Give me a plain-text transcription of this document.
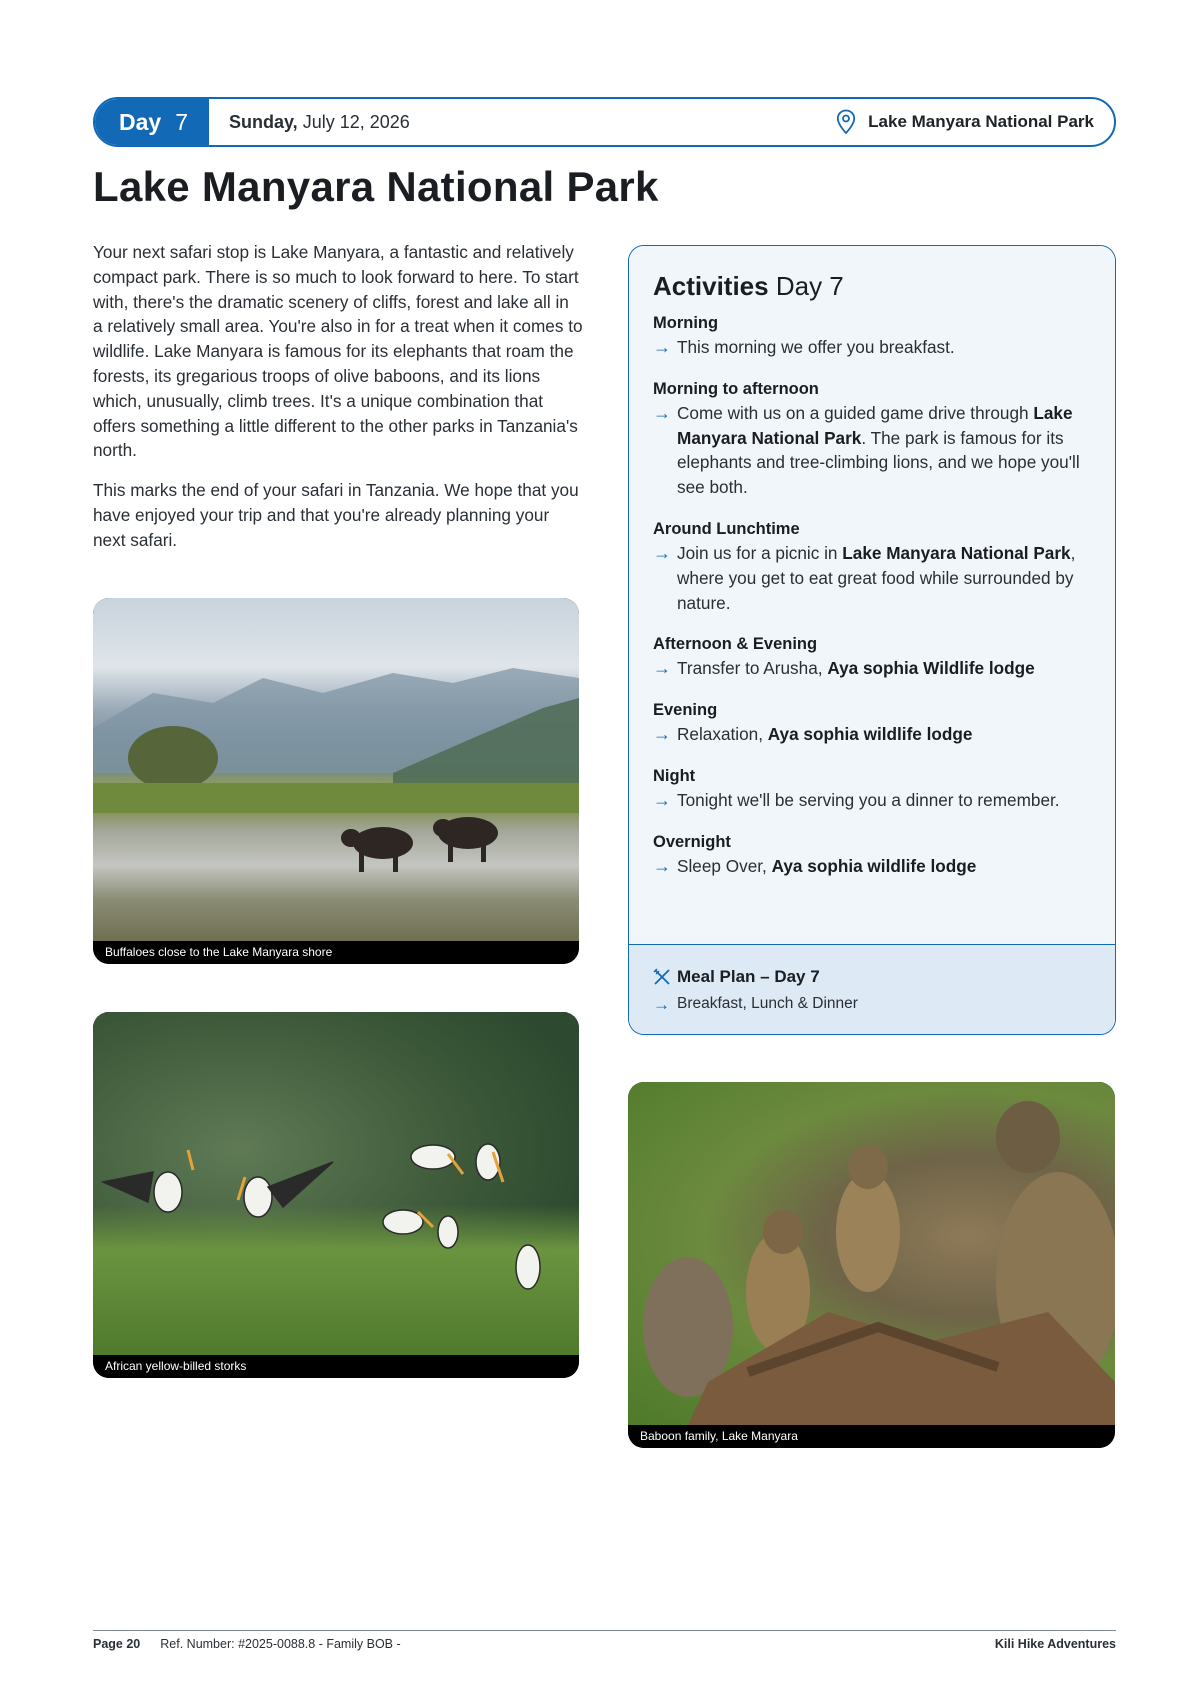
Day 7	Sunday, July 12, 2026	Lake Manyara National Park
Lake Manyara National Park

Your next safari stop is Lake Manyara, a fantastic and relatively compact park. There is so much to look forward to here. To start with, there's the dramatic scenery of cliffs, forest and lake all in a relatively small area. You're also in for a treat when it comes to wildlife. Lake Manyara is famous for its elephants that roam the forests, its gregarious troops of olive baboons, and its lions which, unusually, climb trees. It's a unique combination that offers something a little different to the other parks in Tanzania's north.

This marks the end of your safari in Tanzania. We hope that you have enjoyed your trip and that you're already planning your next safari.

Buffaloes close to the Lake Manyara shore
African yellow-billed storks
Baboon family, Lake Manyara
Activities Day 7
Morning
→ This morning we offer you breakfast.
Morning to afternoon
→ Come with us on a guided game drive through Lake Manyara National Park. The park is famous for its elephants and tree-climbing lions, and we hope you'll see both.
Around Lunchtime
→ Join us for a picnic in Lake Manyara National Park, where you get to eat great food while surrounded by nature.
Afternoon & Evening
→ Transfer to Arusha, Aya sophia Wildlife lodge
Evening
→ Relaxation, Aya sophia wildlife lodge
Night
→ Tonight we'll be serving you a dinner to remember.
Overnight
→ Sleep Over, Aya sophia wildlife lodge
Meal Plan – Day 7
→ Breakfast, Lunch & Dinner
Page 20 Ref. Number: #2025-0088.8 - Family BOB -	Kili Hike Adventures
